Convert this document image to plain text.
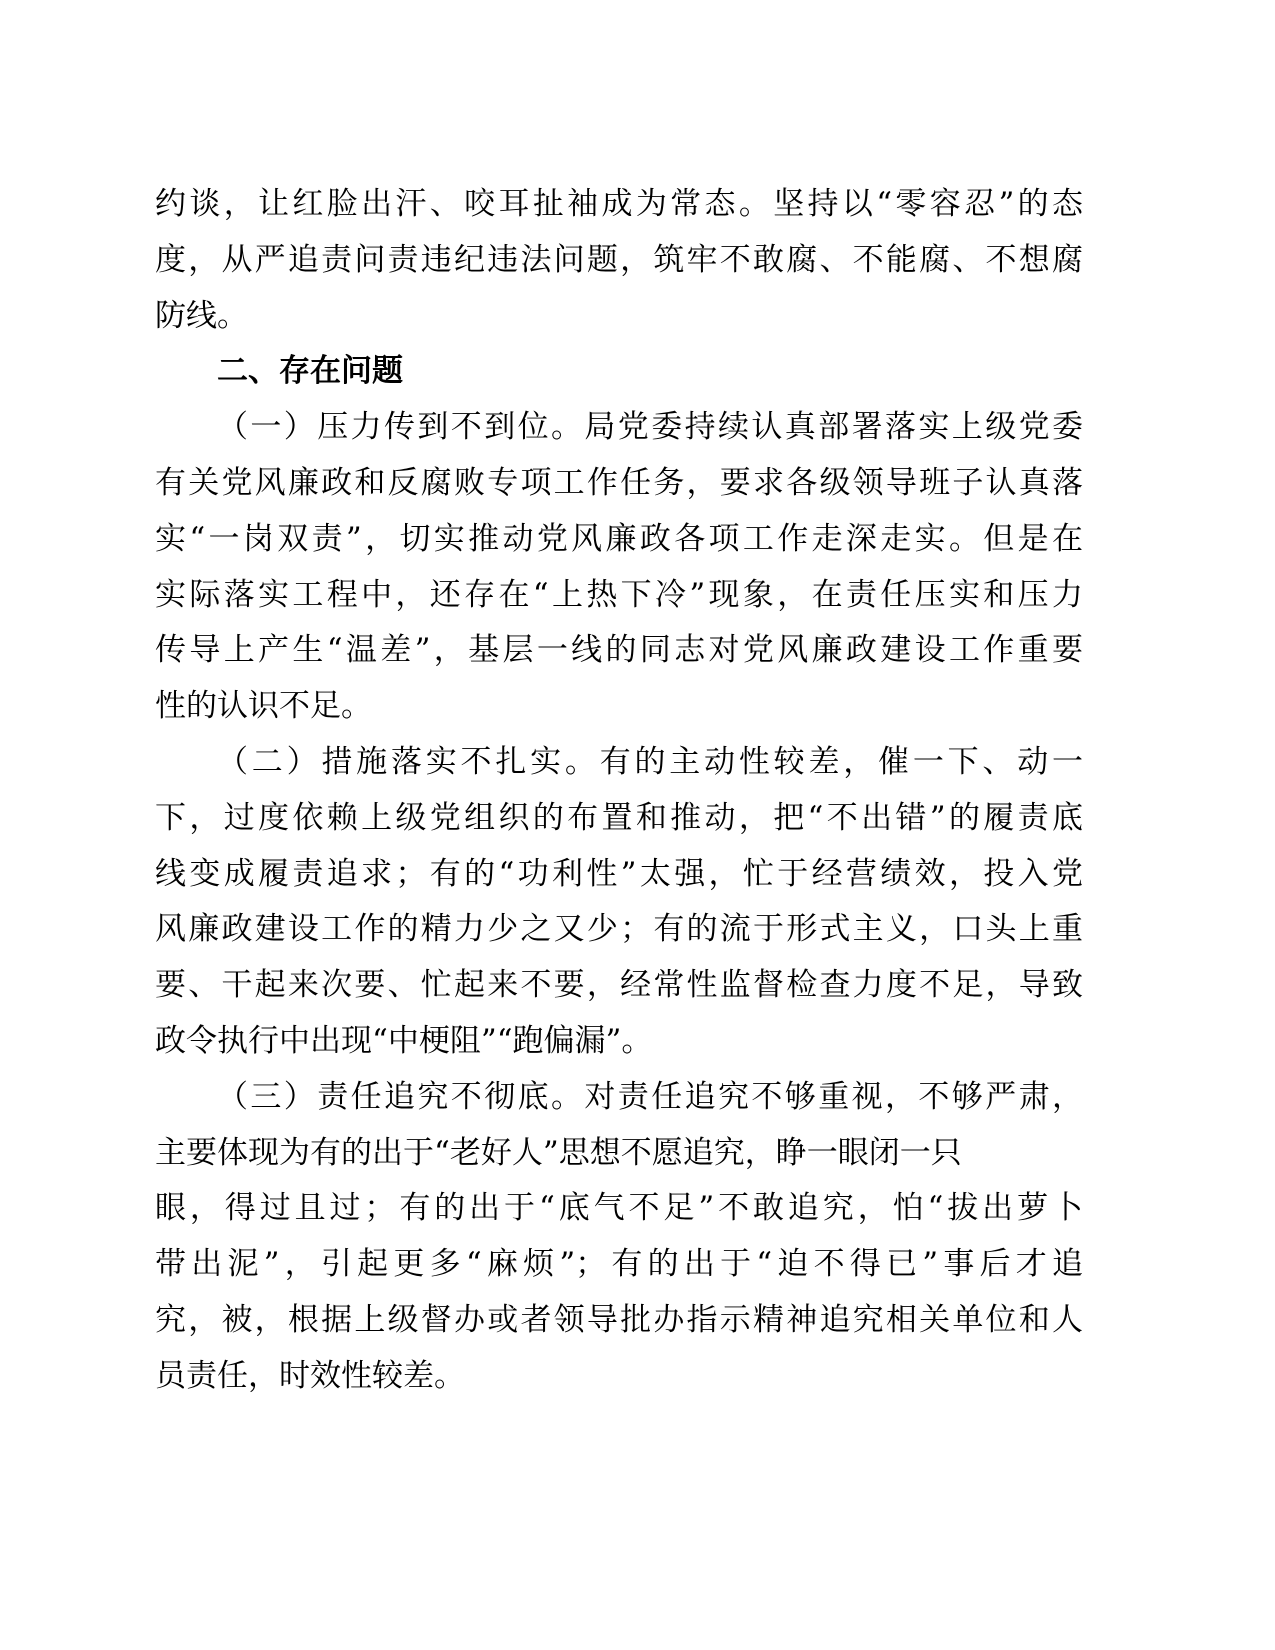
约谈，让红脸出汗、咬耳扯袖成为常态。坚持以“零容忍”的态
度，从严追责问责违纪违法问题，筑牢不敢腐、不能腐、不想腐
防线。
二、存在问题
（一）压力传到不到位。局党委持续认真部署落实上级党委
有关党风廉政和反腐败专项工作任务，要求各级领导班子认真落
实“一岗双责”，切实推动党风廉政各项工作走深走实。但是在
实际落实工程中，还存在“上热下冷”现象，在责任压实和压力
传导上产生“温差”，基层一线的同志对党风廉政建设工作重要
性的认识不足。
（二）措施落实不扎实。有的主动性较差，催一下、动一
下，过度依赖上级党组织的布置和推动，把“不出错”的履责底
线变成履责追求；有的“功利性”太强，忙于经营绩效，投入党
风廉政建设工作的精力少之又少；有的流于形式主义，口头上重
要、干起来次要、忙起来不要，经常性监督检查力度不足，导致
政令执行中出现“中梗阻”“跑偏漏”。
（三）责任追究不彻底。对责任追究不够重视，不够严肃，
主要体现为有的出于“老好人”思想不愿追究，睁一眼闭一只
眼，得过且过；有的出于“底气不足”不敢追究，怕“拔出萝卜
带出泥”，引起更多“麻烦”；有的出于“迫不得已”事后才追
究，被，根据上级督办或者领导批办指示精神追究相关单位和人
员责任，时效性较差。
